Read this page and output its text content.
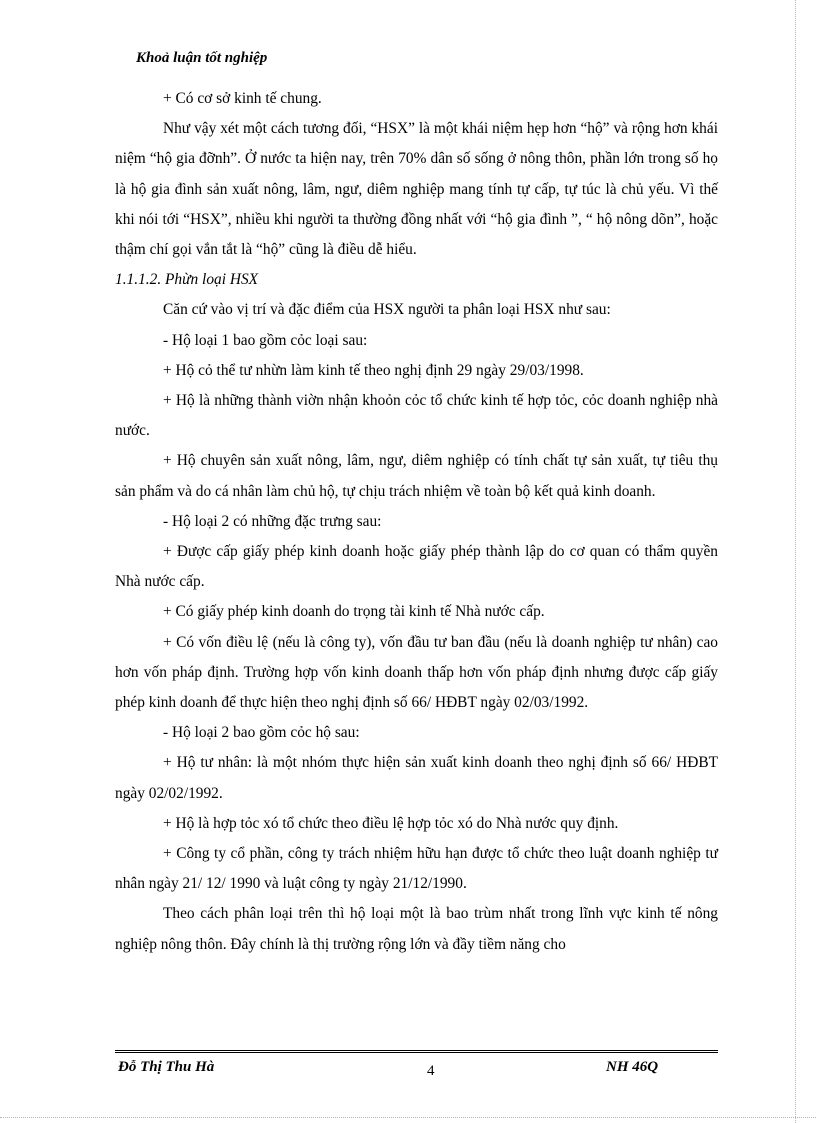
Khoả luận tốt nghiệp

+ Có cơ sở kinh tế chung.

Như vậy xét một cách tương đối, “HSX” là một khái niệm hẹp hơn “hộ” và rộng hơn khái niệm “hộ gia đỡnh”. Ở nước ta hiện nay, trên 70% dân số sống ở nông thôn, phần lớn trong số họ là hộ gia đình sản xuất nông, lâm, ngư, diêm nghiệp mang tính tự cấp, tự túc là chủ yếu. Vì thế khi nói tới “HSX”, nhiều khi người ta thường đồng nhất với “hộ gia đình ”, “ hộ nông dõn”, hoặc thậm chí gọi vắn tắt là “hộ” cũng là điều dễ hiểu.

1.1.1.2. Phừn loại HSX

Căn cứ vào vị trí và đặc điểm của HSX người ta phân loại HSX như sau:

- Hộ loại 1 bao gồm cỏc loại sau:

+ Hộ cỏ thể tư nhừn làm kinh tế theo nghị định 29 ngày 29/03/1998.

+ Hộ là những thành viờn nhận khoỏn cỏc tổ chức kinh tế hợp tỏc, cỏc doanh nghiệp nhà nước.

+ Hộ chuyên sản xuất nông, lâm, ngư, diêm nghiệp có tính chất tự sản xuất, tự tiêu thụ sản phẩm và do cá nhân làm chủ hộ, tự chịu trách nhiệm về toàn bộ kết quả kinh doanh.

- Hộ loại 2 có những đặc trưng sau:

+ Được cấp giấy phép kinh doanh hoặc giấy phép thành lập do cơ quan có thẩm quyền Nhà nước cấp.

+ Có giấy phép kinh doanh do trọng tài kinh tế Nhà nước cấp.

+ Có vốn điều lệ (nếu là công ty), vốn đầu tư ban đầu (nếu là doanh nghiệp tư nhân) cao hơn vốn pháp định. Trường hợp vốn kinh doanh thấp hơn vốn pháp định nhưng được cấp giấy phép kinh doanh để thực hiện theo nghị định số 66/ HĐBT ngày 02/03/1992.

- Hộ loại 2 bao gồm cỏc hộ sau:

+ Hộ tư nhân: là một nhóm thực hiện sản xuất kinh doanh theo nghị định số 66/ HĐBT ngày 02/02/1992.

+ Hộ là hợp tỏc xó tổ chức theo điều lệ hợp tỏc xó do Nhà nước quy định.

+ Công ty cổ phần, công ty trách nhiệm hữu hạn được tổ chức theo luật doanh nghiệp tư nhân ngày 21/ 12/ 1990 và luật công ty ngày 21/12/1990.

Theo cách phân loại trên thì hộ loại một là bao trùm nhất trong lĩnh vực kinh tế nông nghiệp nông thôn. Đây chính là thị trường rộng lớn và đầy tiềm năng cho

Đỗ Thị Thu Hà	4	NH 46Q
